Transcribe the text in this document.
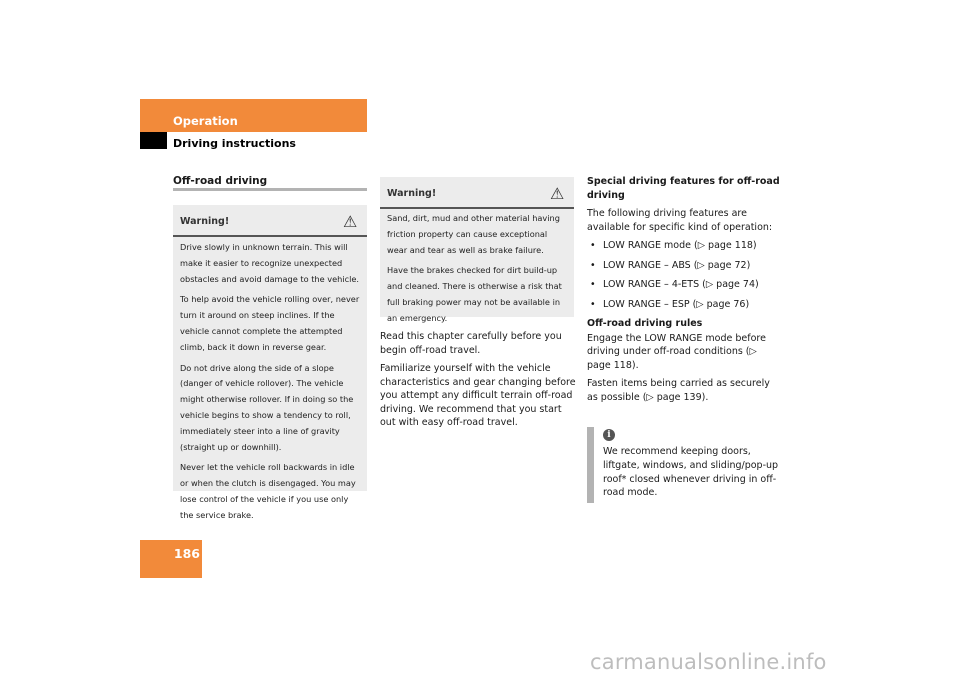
Operation
Driving instructions
Off-road driving
Warning!	⚠

Drive slowly in unknown terrain. This will make it easier to recognize unexpected obstacles and avoid damage to the vehicle.

To help avoid the vehicle rolling over, never turn it around on steep inclines. If the vehicle cannot complete the attempted climb, back it down in reverse gear.

Do not drive along the side of a slope (danger of vehicle rollover). The vehicle might otherwise rollover. If in doing so the vehicle begins to show a tendency to roll, immediately steer into a line of gravity (straight up or downhill).

Never let the vehicle roll backwards in idle or when the clutch is disengaged. You may lose control of the vehicle if you use only the service brake.

Warning!	⚠

Sand, dirt, mud and other material having friction property can cause exceptional wear and tear as well as brake failure.

Have the brakes checked for dirt build-up and cleaned. There is otherwise a risk that full braking power may not be available in an emergency.

Read this chapter carefully before you begin off-road travel.

Familiarize yourself with the vehicle characteristics and gear changing before you attempt any difficult terrain off-road driving. We recommend that you start out with easy off-road travel.

Special driving features for off-road driving

The following driving features are available for specific kind of operation:

• LOW RANGE mode (▷ page 118)
• LOW RANGE – ABS (▷ page 72)
• LOW RANGE – 4-ETS (▷ page 74)
• LOW RANGE – ESP (▷ page 76)

Off-road driving rules

Engage the LOW RANGE mode before driving under off-road conditions (▷ page 118).

Fasten items being carried as securely as possible (▷ page 139).

i
We recommend keeping doors, liftgate, windows, and sliding/pop-up roof* closed whenever driving in off-road mode.
186
carmanualsonline.info
